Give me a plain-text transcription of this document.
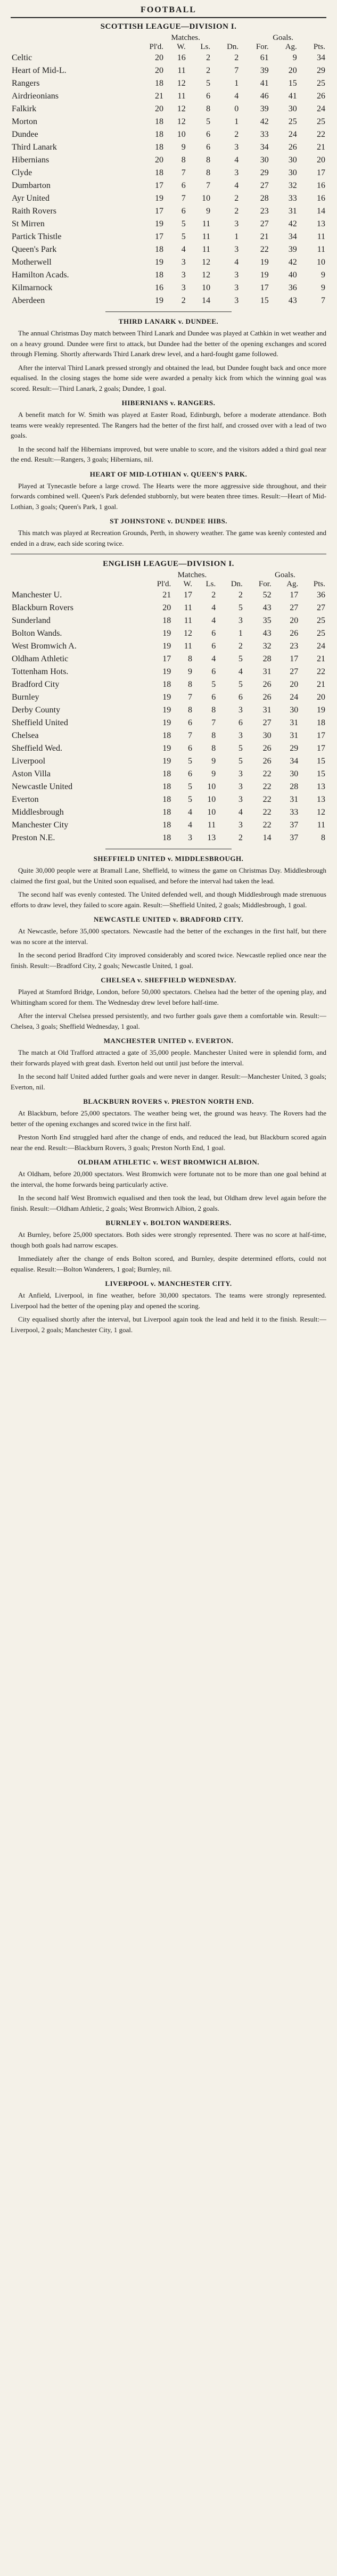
FOOTBALL
SCOTTISH LEAGUE—DIVISION I.
	Matches.				Goals.		
	Pl'd.	W.	Ls.	Dn.	For.	Ag.	Pts.
Celtic	20	16	2	2	61	9	34
Heart of Mid-L.	20	11	2	7	39	20	29
Rangers	18	12	5	1	41	15	25
Airdrieonians	21	11	6	4	46	41	26
Falkirk	20	12	8	0	39	30	24
Morton	18	12	5	1	42	25	25
Dundee	18	10	6	2	33	24	22
Third Lanark	18	9	6	3	34	26	21
Hibernians	20	8	8	4	30	30	20
Clyde	18	7	8	3	29	30	17
Dumbarton	17	6	7	4	27	32	16
Ayr United	19	7	10	2	28	33	16
Raith Rovers	17	6	9	2	23	31	14
St Mirren	19	5	11	3	27	42	13
Partick Thistle	17	5	11	1	21	34	11
Queen's Park	18	4	11	3	22	39	11
Motherwell	19	3	12	4	19	42	10
Hamilton Acads.	18	3	12	3	19	40	9
Kilmarnock	16	3	10	3	17	36	9
Aberdeen	19	2	14	3	15	43	7
THIRD LANARK v. DUNDEE.

The annual Christmas Day match between Third Lanark and Dundee was played at Cathkin in wet weather and on a heavy ground. Dundee were first to attack, but Dundee had the better of the opening exchanges and scored through Fleming. Shortly afterwards Third Lanark drew level, and a hard-fought game followed.

After the interval Third Lanark pressed strongly and obtained the lead, but Dundee fought back and once more equalised. In the closing stages the home side were awarded a penalty kick from which the winning goal was scored. Result:—Third Lanark, 2 goals; Dundee, 1 goal.

HIBERNIANS v. RANGERS.

A benefit match for W. Smith was played at Easter Road, Edinburgh, before a moderate attendance. Both teams were weakly represented. The Rangers had the better of the first half, and crossed over with a lead of two goals.

In the second half the Hibernians improved, but were unable to score, and the visitors added a third goal near the end. Result:—Rangers, 3 goals; Hibernians, nil.

HEART OF MID-LOTHIAN v. QUEEN'S PARK.

Played at Tynecastle before a large crowd. The Hearts were the more aggressive side throughout, and their forwards combined well. Queen's Park defended stubbornly, but were beaten three times. Result:—Heart of Mid-Lothian, 3 goals; Queen's Park, 1 goal.

ST JOHNSTONE v. DUNDEE HIBS.

This match was played at Recreation Grounds, Perth, in showery weather. The game was keenly contested and ended in a draw, each side scoring twice.

ENGLISH LEAGUE—DIVISION I.
	Matches.				Goals.		
	Pl'd.	W.	Ls.	Dn.	For.	Ag.	Pts.
Manchester U.	21	17	2	2	52	17	36
Blackburn Rovers	20	11	4	5	43	27	27
Sunderland	18	11	4	3	35	20	25
Bolton Wands.	19	12	6	1	43	26	25
West Bromwich A.	19	11	6	2	32	23	24
Oldham Athletic	17	8	4	5	28	17	21
Tottenham Hots.	19	9	6	4	31	27	22
Bradford City	18	8	5	5	26	20	21
Burnley	19	7	6	6	26	24	20
Derby County	19	8	8	3	31	30	19
Sheffield United	19	6	7	6	27	31	18
Chelsea	18	7	8	3	30	31	17
Sheffield Wed.	19	6	8	5	26	29	17
Liverpool	19	5	9	5	26	34	15
Aston Villa	18	6	9	3	22	30	15
Newcastle United	18	5	10	3	22	28	13
Everton	18	5	10	3	22	31	13
Middlesbrough	18	4	10	4	22	33	12
Manchester City	18	4	11	3	22	37	11
Preston N.E.	18	3	13	2	14	37	8
SHEFFIELD UNITED v. MIDDLESBROUGH.

Quite 30,000 people were at Bramall Lane, Sheffield, to witness the game on Christmas Day. Middlesbrough claimed the first goal, but the United soon equalised, and before the interval had taken the lead.

The second half was evenly contested. The United defended well, and though Middlesbrough made strenuous efforts to draw level, they failed to score again. Result:—Sheffield United, 2 goals; Middlesbrough, 1 goal.

NEWCASTLE UNITED v. BRADFORD CITY.

At Newcastle, before 35,000 spectators. Newcastle had the better of the exchanges in the first half, but there was no score at the interval.

In the second period Bradford City improved considerably and scored twice. Newcastle replied once near the finish. Result:—Bradford City, 2 goals; Newcastle United, 1 goal.

CHELSEA v. SHEFFIELD WEDNESDAY.

Played at Stamford Bridge, London, before 50,000 spectators. Chelsea had the better of the opening play, and Whittingham scored for them. The Wednesday drew level before half-time.

After the interval Chelsea pressed persistently, and two further goals gave them a comfortable win. Result:—Chelsea, 3 goals; Sheffield Wednesday, 1 goal.

MANCHESTER UNITED v. EVERTON.

The match at Old Trafford attracted a gate of 35,000 people. Manchester United were in splendid form, and their forwards played with great dash. Everton held out until just before the interval.

In the second half United added further goals and were never in danger. Result:—Manchester United, 3 goals; Everton, nil.

BLACKBURN ROVERS v. PRESTON NORTH END.

At Blackburn, before 25,000 spectators. The weather being wet, the ground was heavy. The Rovers had the better of the opening exchanges and scored twice in the first half.

Preston North End struggled hard after the change of ends, and reduced the lead, but Blackburn scored again near the end. Result:—Blackburn Rovers, 3 goals; Preston North End, 1 goal.

OLDHAM ATHLETIC v. WEST BROMWICH ALBION.

At Oldham, before 20,000 spectators. West Bromwich were fortunate not to be more than one goal behind at the interval, the home forwards being particularly active.

In the second half West Bromwich equalised and then took the lead, but Oldham drew level again before the finish. Result:—Oldham Athletic, 2 goals; West Bromwich Albion, 2 goals.

BURNLEY v. BOLTON WANDERERS.

At Burnley, before 25,000 spectators. Both sides were strongly represented. There was no score at half-time, though both goals had narrow escapes.

Immediately after the change of ends Bolton scored, and Burnley, despite determined efforts, could not equalise. Result:—Bolton Wanderers, 1 goal; Burnley, nil.

LIVERPOOL v. MANCHESTER CITY.

At Anfield, Liverpool, in fine weather, before 30,000 spectators. The teams were strongly represented. Liverpool had the better of the opening play and opened the scoring.

City equalised shortly after the interval, but Liverpool again took the lead and held it to the finish. Result:—Liverpool, 2 goals; Manchester City, 1 goal.
